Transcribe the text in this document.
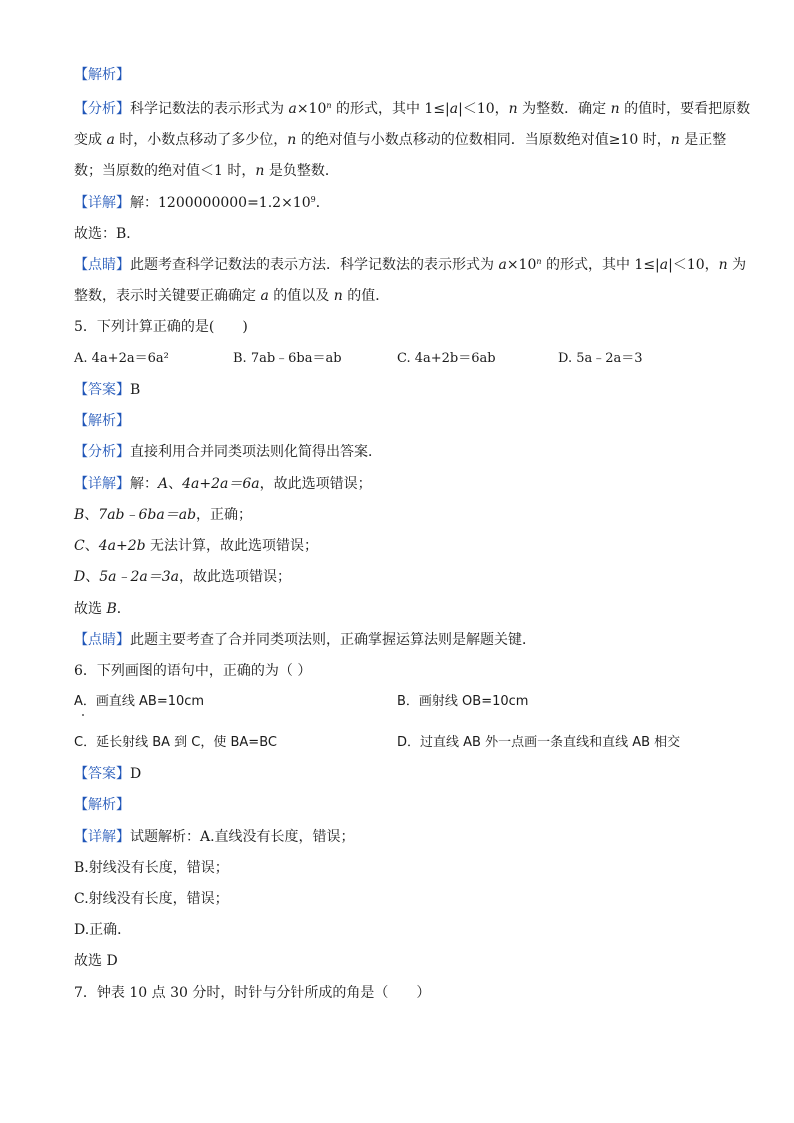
【解析】
【分析】科学记数法的表示形式为 $a\times 10^n$ 的形式，其中 1≤|a|＜10，n 为整数．确定 n 的值时，要看把原数
变成 a 时，小数点移动了多少位，n 的绝对值与小数点移动的位数相同．当原数绝对值≥10 时，n 是正整
数；当原数的绝对值＜1 时，n 是负整数．
【详解】解：$1200000000=1.2\times 10^9$．
故选：B．
【点睛】此题考查科学记数法的表示方法．科学记数法的表示形式为 $a\times 10^n$ 的形式，其中 1≤|a|＜10，n 为
整数，表示时关键要正确确定 a 的值以及 n 的值．
5．下列计算正确的是(　　)
A. 4a+2a＝6a²	B. 7ab﹣6ba＝ab	C. 4a+2b＝6ab	D. 5a﹣2a＝3
【答案】B
【解析】
【分析】直接利用合并同类项法则化简得出答案．
【详解】解：A、4a+2a＝6a，故此选项错误；
B、7ab﹣6ba＝ab，正确；
C、4a+2b 无法计算，故此选项错误；
D、5a﹣2a＝3a，故此选项错误；
故选 B．
【点睛】此题主要考查了合并同类项法则，正确掌握运算法则是解题关键．
6．下列画图的语句中，正确的为（ ）
A．画直线 AB=10cm	B．画射线 OB=10cm
C．延长射线 BA 到 C，使 BA=BC	D．过直线 AB 外一点画一条直线和直线 AB 相交
【答案】D
【解析】
【详解】试题解析：A.直线没有长度，错误；
B.射线没有长度，错误；
C.射线没有长度，错误；
D.正确．
故选 D
7．钟表 10 点 30 分时，时针与分针所成的角是（　　）
